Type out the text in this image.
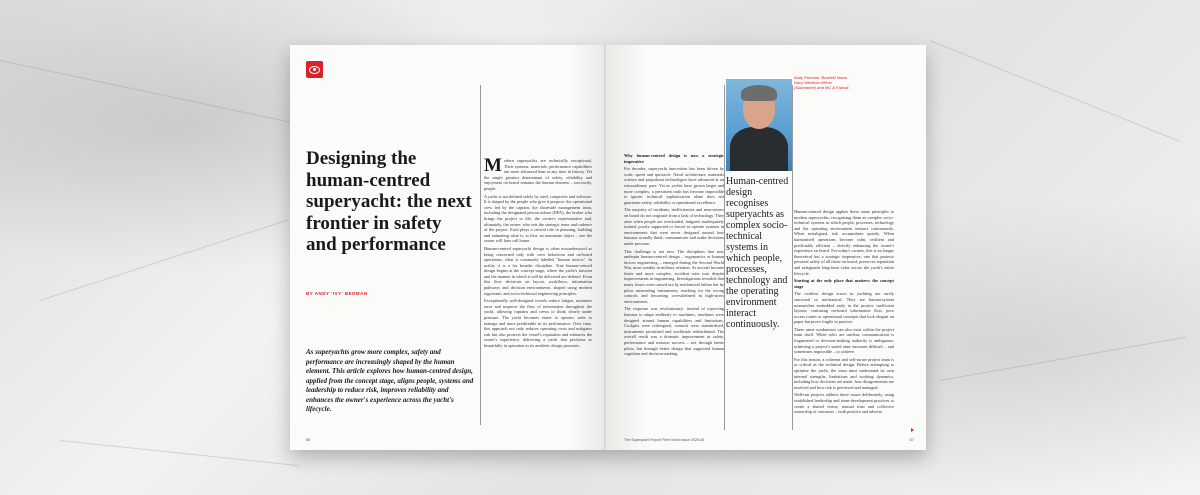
Designing the human-centred superyacht: the next frontier in safety and performance
BY ANDY 'IVY' BEDMAN

As superyachts grow more complex, safety and performance are increasingly shaped by the human element. This article explores how human-centred design, applied from the concept stage, aligns people, systems and leadership to reduce risk, improves reliability and enhances the owner's experience across the yacht's lifecycle.

Modern superyachts are technically exceptional. Their systems, materials, performance capabilities are more advanced than at any time in history. Yet the single greatest determinant of safety, reliability and enjoyment on board remains the human element – succinctly, people.

A yacht is not defined solely by steel, composite and software. It is shaped by the people who give it purpose: the operational crew led by the captain; the shoreside management team, including the designated person ashore (DPA), the broker who brings the project to life, the owner's representative and, ultimately, the owner, who sets the strategic tenor and cadence of the project. Each plays a critical role in planning, building and animating what is, at first, an inanimate object – one the owner will later call home.

Human-centred superyacht design is often misunderstood as being concerned only with crew behaviour and on-board operations, what is commonly labelled "human factors". In reality it is a far broader discipline. True human-centred design begins at the concept stage, where the yacht's mission and the manner in which it will be delivered are defined. From this flow decisions on layout, workflows, information pathways and decision environments, shaped using modern ergonomic and socio-technical engineering principles.

Exceptionally well-designed vessels reduce fatigue, minimise error and improve the flow of information throughout the yacht, allowing captains and crews to think clearly under pressure. The yacht becomes easier to operate, safer to manage and more predictable in its performance. Over time, this approach not only reduces operating costs and mitigates risk but also protects the vessel's reputation and enhances the owner's experience, delivering a yacht that performs as beautifully in operation as its aesthetic design promises.

56

Why human-centred design is now a strategic imperative

For decades, superyacht innovation has been driven by scale, speed and spectacle. Naval architecture, materials science and propulsion technologies have advanced at an extraordinary pace. Yet as yachts have grown larger and more complex, a persistent truth has become impossible to ignore: technical sophistication alone does not guarantee safety, reliability or operational excellence.

The majority of incidents, inefficiencies and near-misses on board do not originate from a lack of technology. They arise when people are overloaded, fatigued, inadequately trained, poorly supported or forced to operate systems in environments that were never designed around how humans actually think, communicate and make decisions under pressure.

This challenge is not new. The disciplines that now underpin human-centred design – ergonomics or human factors engineering – emerged during the Second World War, most notably in military aviation. As aircraft became faster and more complex, accident rates rose despite improvements in engineering. Investigations revealed that many losses were caused not by mechanical failure but by pilots misreading instruments, reaching for the wrong controls and becoming overwhelmed in high-stress environments.

The response was revolutionary: instead of expecting humans to adapt endlessly to machines, machines were designed around human capabilities and limitations. Cockpits were redesigned, controls were standardised, instruments prioritised and workloads redistributed. The overall result was a dramatic improvement in safety, performance and mission success – not through better pilots, but through better design that supported human cognition and decision-making.

Andy Penman, Bosfield Naval Navy Wesfear Officer (Submarine) and MC & Fabrall.

Human-centred design recognises superyachts as complex socio-technical systems in which people, processes, technology and the operating environment interact continuously.

Human-centred design applies these same principles to modern superyachts, recognising them as complex socio-technical systems in which people, processes, technology and the operating environment interact continuously. When misaligned, risk accumulates quietly. When harmonised operations become calm, resilient and predictably efficient – directly enhancing the owner's experience on board. For today's owners, this is no longer theoretical but a strategic imperative, one that protects personal safety of all those on board, preserves reputation and safeguards long-term value across the yacht's entire lifecycle.

Starting at the only place that matters: the concept stage

The costliest design errors in yachting are rarely structural or mechanical. They are human-system mismatches embedded early in the project: inefficient layouts, confusing on-board information flow, poor access routes or operational concepts that look elegant on paper but prove fragile in practice.

These same weaknesses can also exist within the project team itself. When roles are unclear, communication is fragmented or decision-making authority is ambiguous, achieving a project's stated aims becomes difficult – and sometimes impossible – to achieve.

For this reason, a coherent and self-aware project team is as critical as the technical design. Before attempting to optimise the yacht, the team must understand its own internal strengths, limitations and working dynamics, including how decisions are made, how disagreements are resolved and how risk is perceived and managed.

Well-run projects address these issues deliberately, using established leadership and team-development practices to create a shared vision, mutual trust and collective ownership of outcomes – both positive and adverse.

The Superyacht Report Fleet World Issue 2025-06	57
